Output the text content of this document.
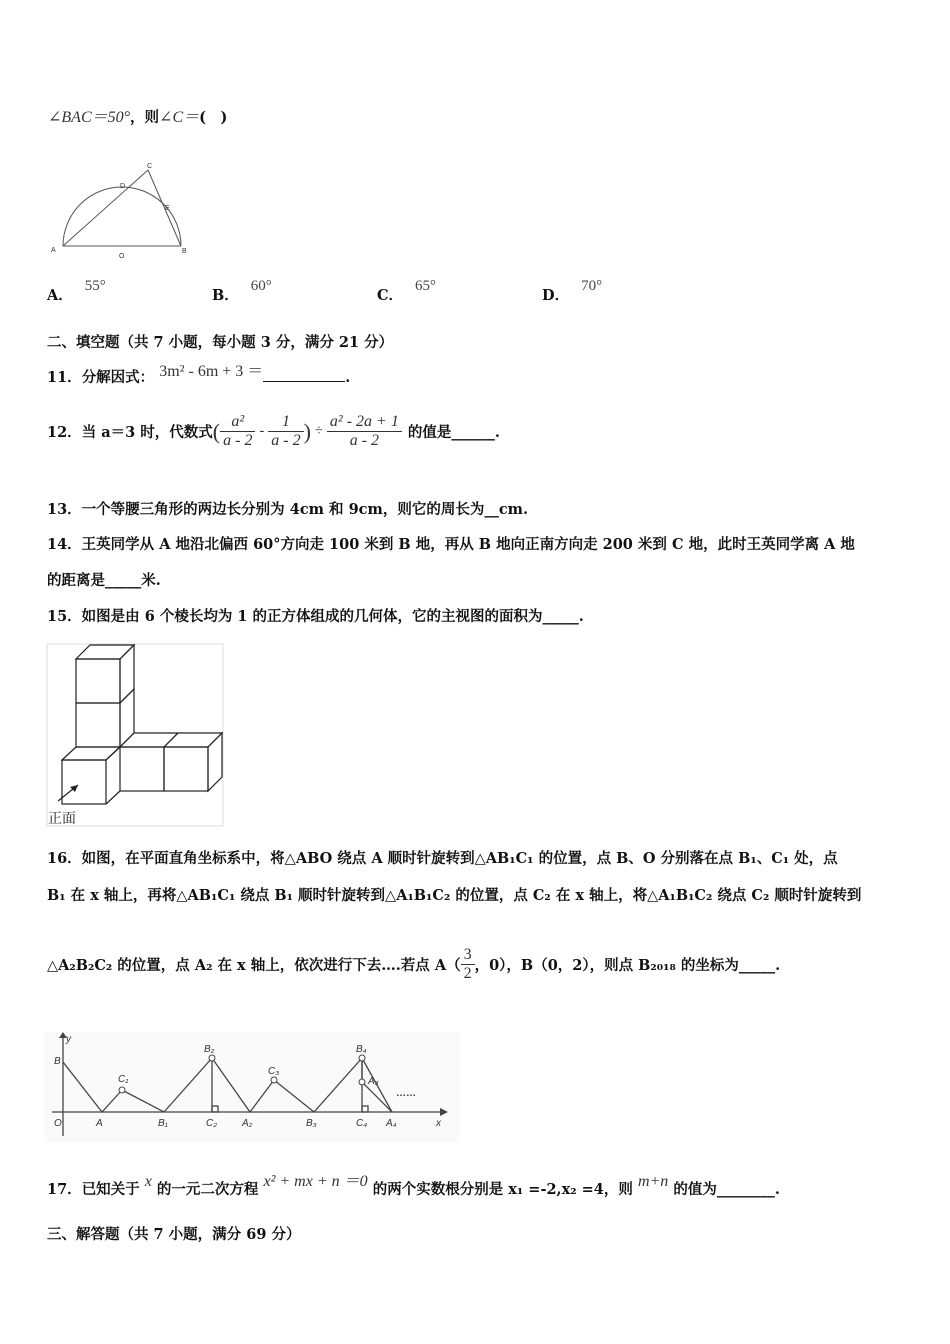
∠BAC＝50°，则∠C＝(　)
A
O
B
C
D
E
A．55°
B．60°
C．65°
D．70°
二、填空题（共 7 小题，每小题 3 分，满分 21 分）
11．分解因式： 3m² - 6m + 3 ＝	.
12． 当 a＝3 时，代数式 ( $\frac{\text{a²}}{a - 2} - \frac{1}{a - 2}$ ) ÷ $\frac{\text{a² - 2a + 1}}{a - 2}$ 的值是______.
13．一个等腰三角形的两边长分别为 4cm 和 9cm，则它的周长为__cm.
14．王英同学从 A 地沿北偏西 60°方向走 100 米到 B 地，再从 B 地向正南方向走 200 米到 C 地，此时王英同学离 A 地
的距离是_____米.
15．如图是由 6 个棱长均为 1 的正方体组成的几何体，它的主视图的面积为_____.
正面
16．如图，在平面直角坐标系中，将△ABO 绕点 A 顺时针旋转到△AB₁C₁ 的位置，点 B、O 分别落在点 B₁、C₁ 处，点
B₁ 在 x 轴上，再将△AB₁C₁ 绕点 B₁ 顺时针旋转到△A₁B₁C₂ 的位置，点 C₂ 在 x 轴上，将△A₁B₁C₂ 绕点 C₂ 顺时针旋转到
△A₂B₂C₂ 的位置，点 A₂ 在 x 轴上，依次进行下去….若点 $A( \frac{3}{2}$ ，0），B（0，2），则点 B₂₀₁₈ 的坐标为_____.
y
B
O	A
C₁
B₁
B₂
C₂ A₂
C₃
B₃
B₄
A₃
C₄ A₄	x
……
17．已知关于 x 的一元二次方程 x² + mx + n ＝0 的两个实数根分别是 x₁ =-2,x₂ =4，则 m+n 的值为________.
三、解答题（共 7 小题，满分 69 分）
